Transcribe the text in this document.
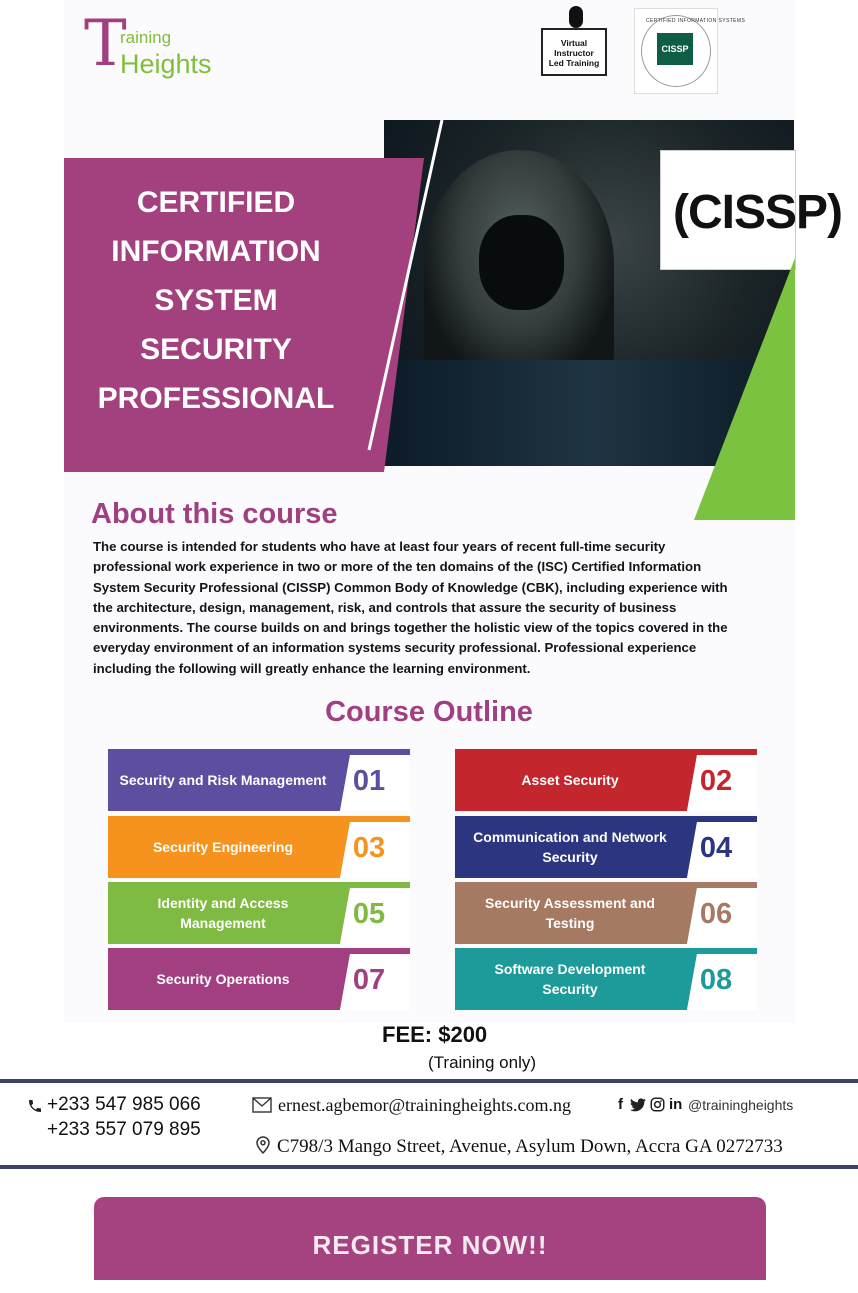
T
raining
Heights
Virtual
Instructor
Led Training
CERTIFIED INFORMATION SYSTEMS
CISSP
(CISSP)
CERTIFIED
INFORMATION
SYSTEM
SECURITY
PROFESSIONAL
About this course
The course is intended for students who have at least four years of recent full-time security professional work experience in two or more of the ten domains of the (ISC) Certified Information System Security Professional (CISSP) Common Body of Knowledge (CBK), including experience with the architecture, design, management, risk, and controls that assure the security of business environments. The course builds on and brings together the holistic view of the topics covered in the everyday environment of an information systems security professional. Professional experience including the following will greatly enhance the learning environment.
Course Outline
Security and Risk Management 01	Asset Security	02
Security Engineering	03	Communication and Network Security	04
Identity and Access Management	05	Security Assessment and Testing	06
Security Operations	07	Software Development Security	08
FEE: $200
(Training only)
+233 547 985 066
+233 557 079 895
ernest.agbemor@trainingheights.com.ng	f	in @trainingheights
C798/3 Mango Street, Avenue, Asylum Down, Accra GA 0272733
REGISTER NOW!!
